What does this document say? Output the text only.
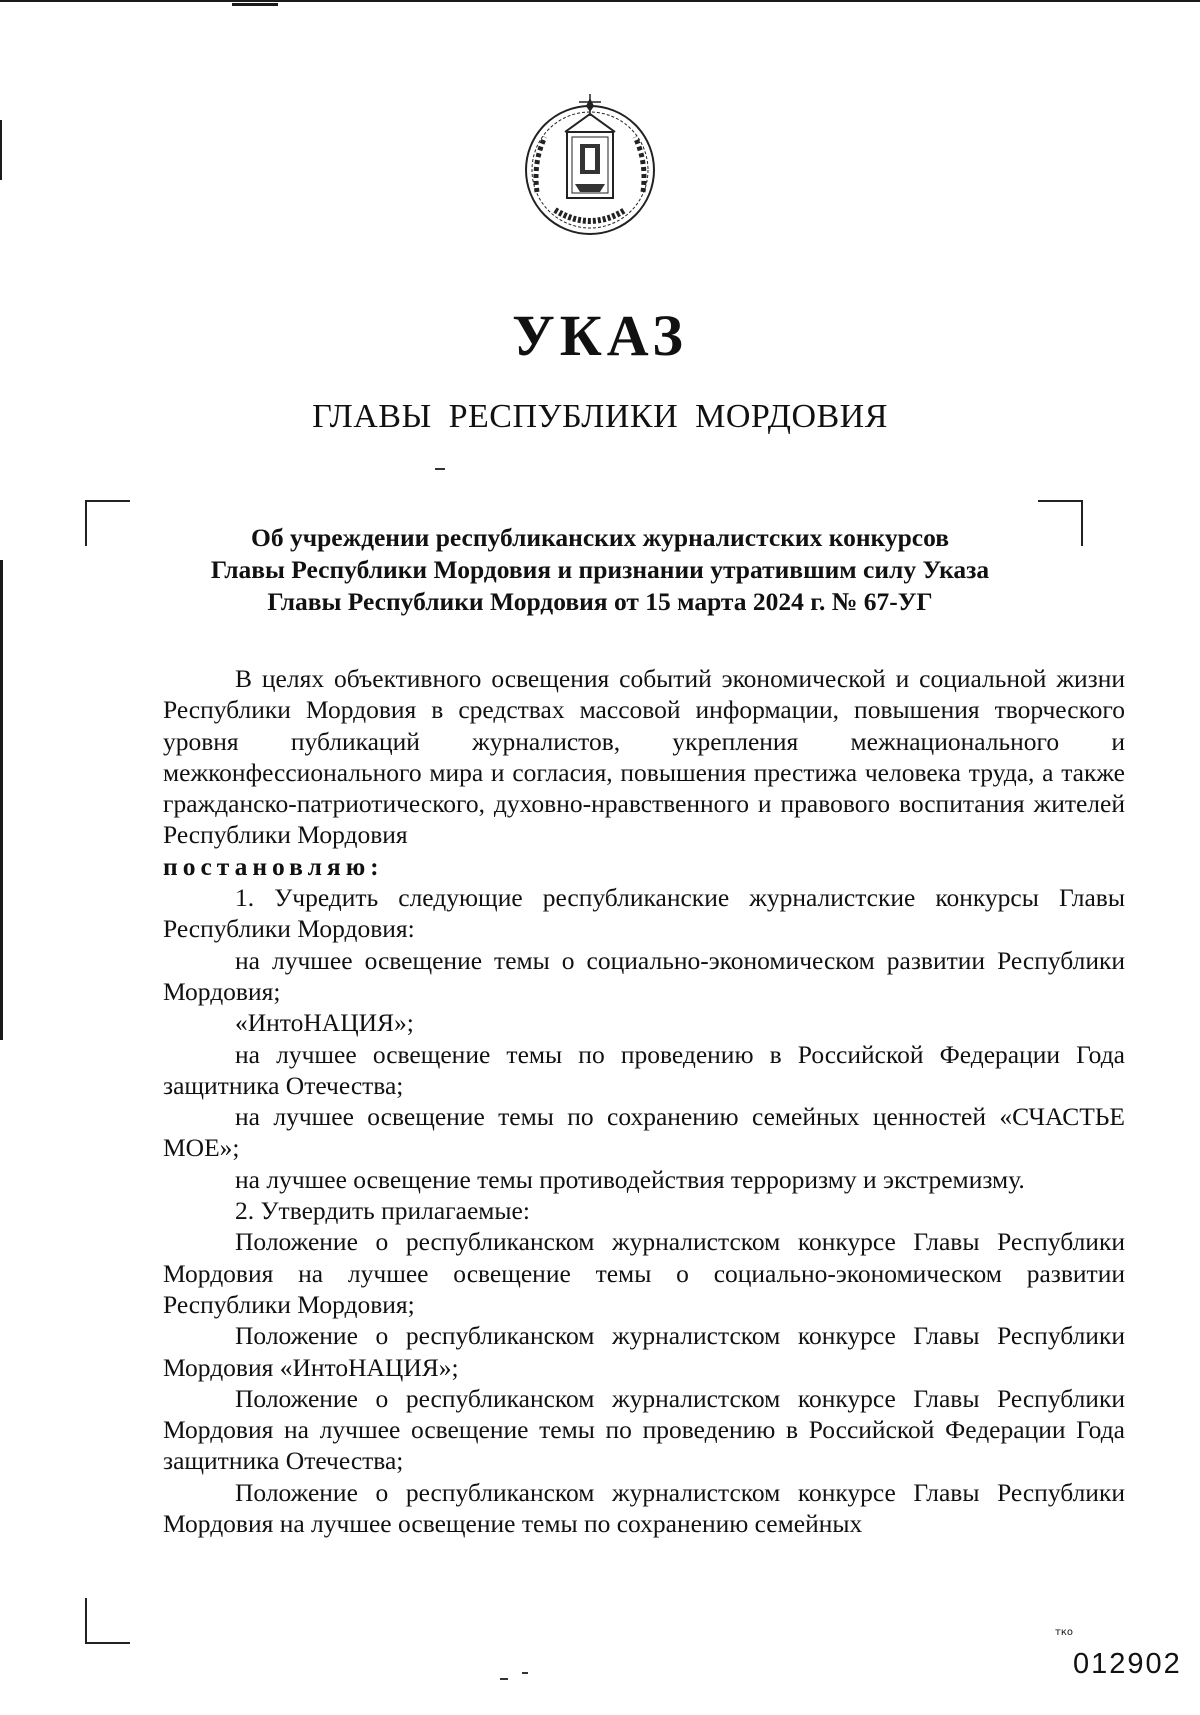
УКАЗ
ГЛАВЫ РЕСПУБЛИКИ МОРДОВИЯ
Об учреждении республиканских журналистских конкурсов
Главы Республики Мордовия и признании утратившим силу Указа
Главы Республики Мордовия от 15 марта 2024 г. № 67-УГ

В целях объективного освещения событий экономической и социальной жизни Республики Мордовия в средствах массовой информации, повышения творческого уровня публикаций журналистов, укрепления межнационального и межконфессионального мира и согласия, повышения престижа человека труда, а также гражданско-патриотического, духовно-нравственного и правового воспитания жителей Республики Мордовия

постановляю:

1. Учредить следующие республиканские журналистские конкурсы Главы Республики Мордовия:

на лучшее освещение темы о социально-экономическом развитии Республики Мордовия;

«ИнтоНАЦИЯ»;

на лучшее освещение темы по проведению в Российской Федерации Года защитника Отечества;

на лучшее освещение темы по сохранению семейных ценностей «СЧАСТЬЕ МОЕ»;

на лучшее освещение темы противодействия терроризму и экстремизму.

2. Утвердить прилагаемые:

Положение о республиканском журналистском конкурсе Главы Республики Мордовия на лучшее освещение темы о социально-экономическом развитии Республики Мордовия;

Положение о республиканском журналистском конкурсе Главы Республики Мордовия «ИнтоНАЦИЯ»;

Положение о республиканском журналистском конкурсе Главы Республики Мордовия на лучшее освещение темы по проведению в Российской Федерации Года защитника Отечества;

Положение о республиканском журналистском конкурсе Главы Республики Мордовия на лучшее освещение темы по сохранению семейных

тко
012902
